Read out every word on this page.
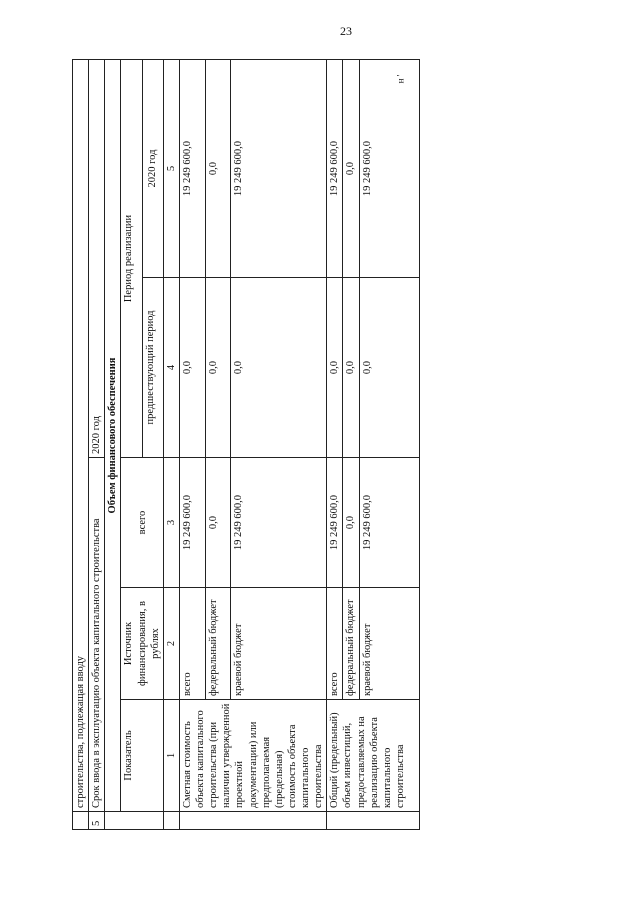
23
н '
	строительства, подлежащая вводу				
5	Срок ввода в эксплуатацию объекта капитального строительства			2020 год	
	Объем финансового обеспечения				
	Показатель	Источник финансирования, в рублях	всего	Период реализации	
				предшествующий период	2020 год
	1	2	3	4	5
	Сметная стоимость объекта капитального строительства (при наличии утвержденной проектной документации) или предполагаемая (предельная) стоимость объекта капитального строительства	всего	19 249 600,0	0,0	19 249 600,0
		федеральный бюджет	0,0	0,0	0,0
		краевой бюджет	19 249 600,0	0,0	19 249 600,0
	Общий (предельный) объем инвестиций, предоставляемых на реализацию объекта капитального строительства	всего	19 249 600,0	0,0	19 249 600,0
		федеральный бюджет	0,0	0,0	0,0
		краевой бюджет	19 249 600,0	0,0	19 249 600,0
